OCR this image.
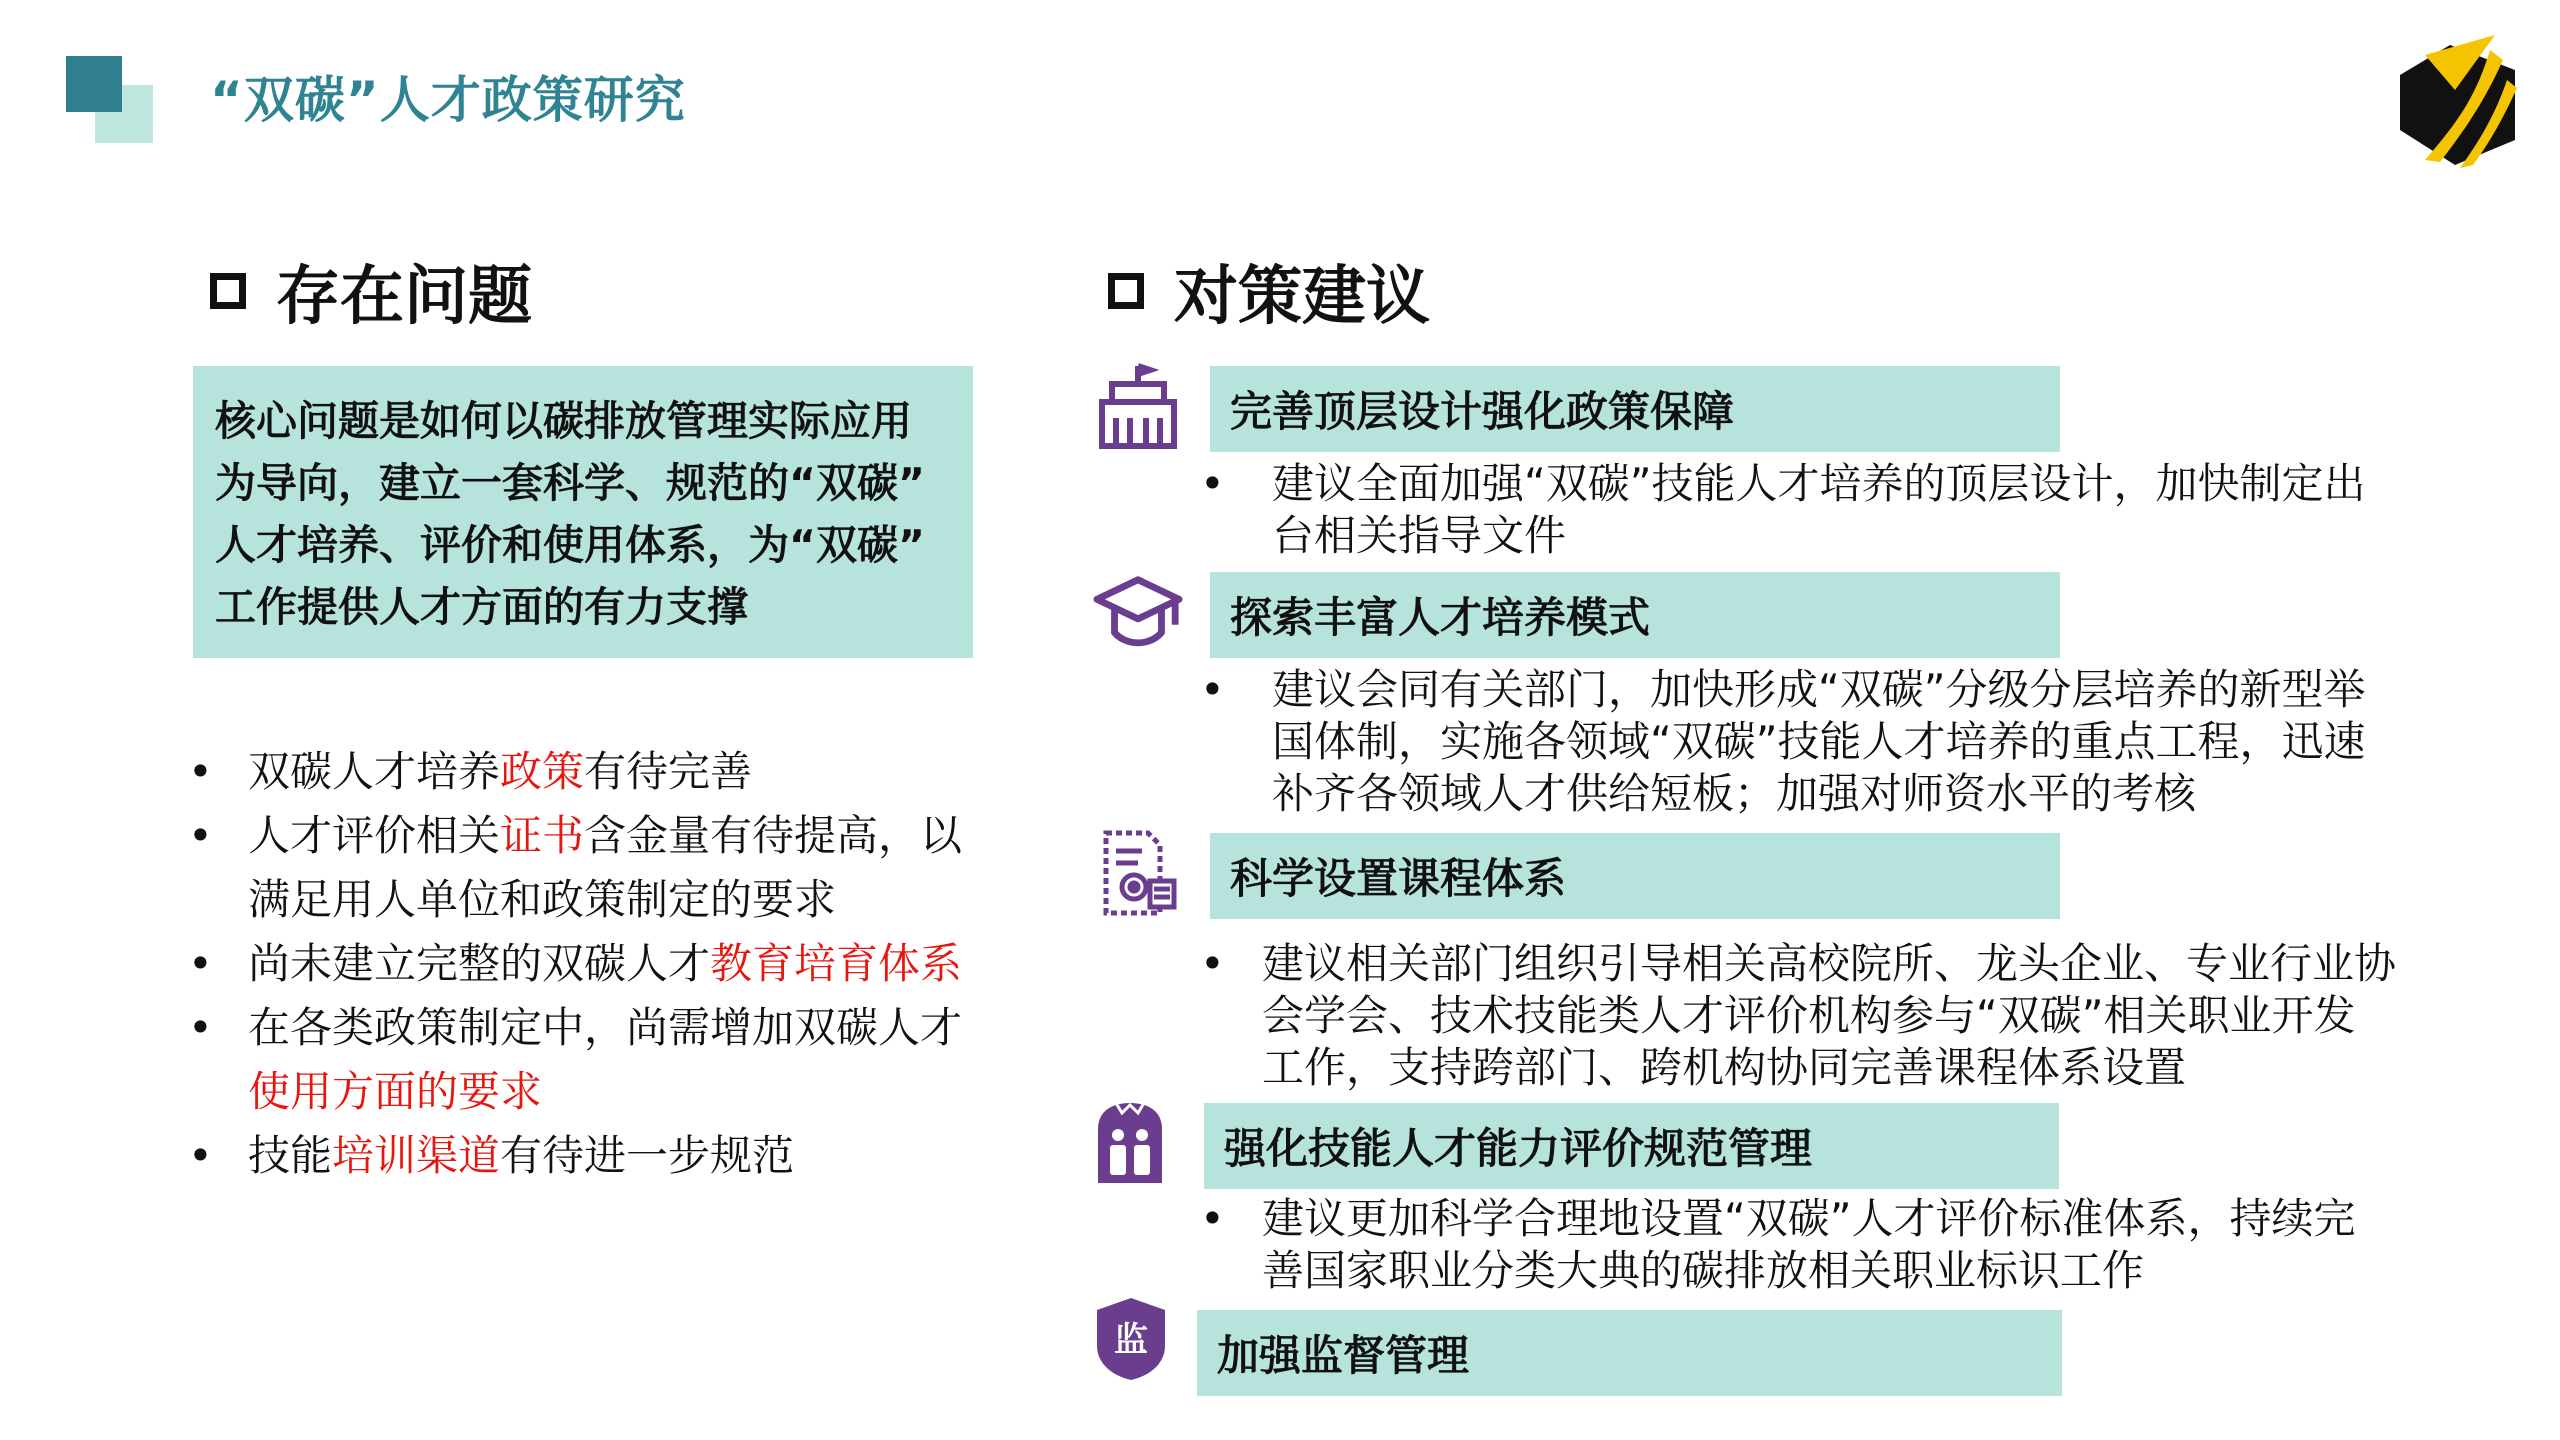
“双碳”人才政策研究
存在问题
核心问题是如何以碳排放管理实际应用
为导向，建立一套科学、规范的“双碳”
人才培养、评价和使用体系，为“双碳”
工作提供人才方面的有力支撑
• 双碳人才培养政策有待完善
• 人才评价相关证书含金量有待提高，以
满足用人单位和政策制定的要求
• 尚未建立完整的双碳人才教育培育体系
• 在各类政策制定中，尚需增加双碳人才
使用方面的要求
• 技能培训渠道有待进一步规范
对策建议
完善顶层设计强化政策保障
•	建议全面加强“双碳”技能人才培养的顶层设计，加快制定出
台相关指导文件
探索丰富人才培养模式
•	建议会同有关部门，加快形成“双碳”分级分层培养的新型举
国体制，实施各领域“双碳”技能人才培养的重点工程，迅速
补齐各领域人才供给短板；加强对师资水平的考核
科学设置课程体系
• 建议相关部门组织引导相关高校院所、龙头企业、专业行业协
会学会、技术技能类人才评价机构参与“双碳”相关职业开发
工作，支持跨部门、跨机构协同完善课程体系设置
强化技能人才能力评价规范管理
• 建议更加科学合理地设置“双碳”人才评价标准体系，持续完
善国家职业分类大典的碳排放相关职业标识工作
监 加强监督管理
